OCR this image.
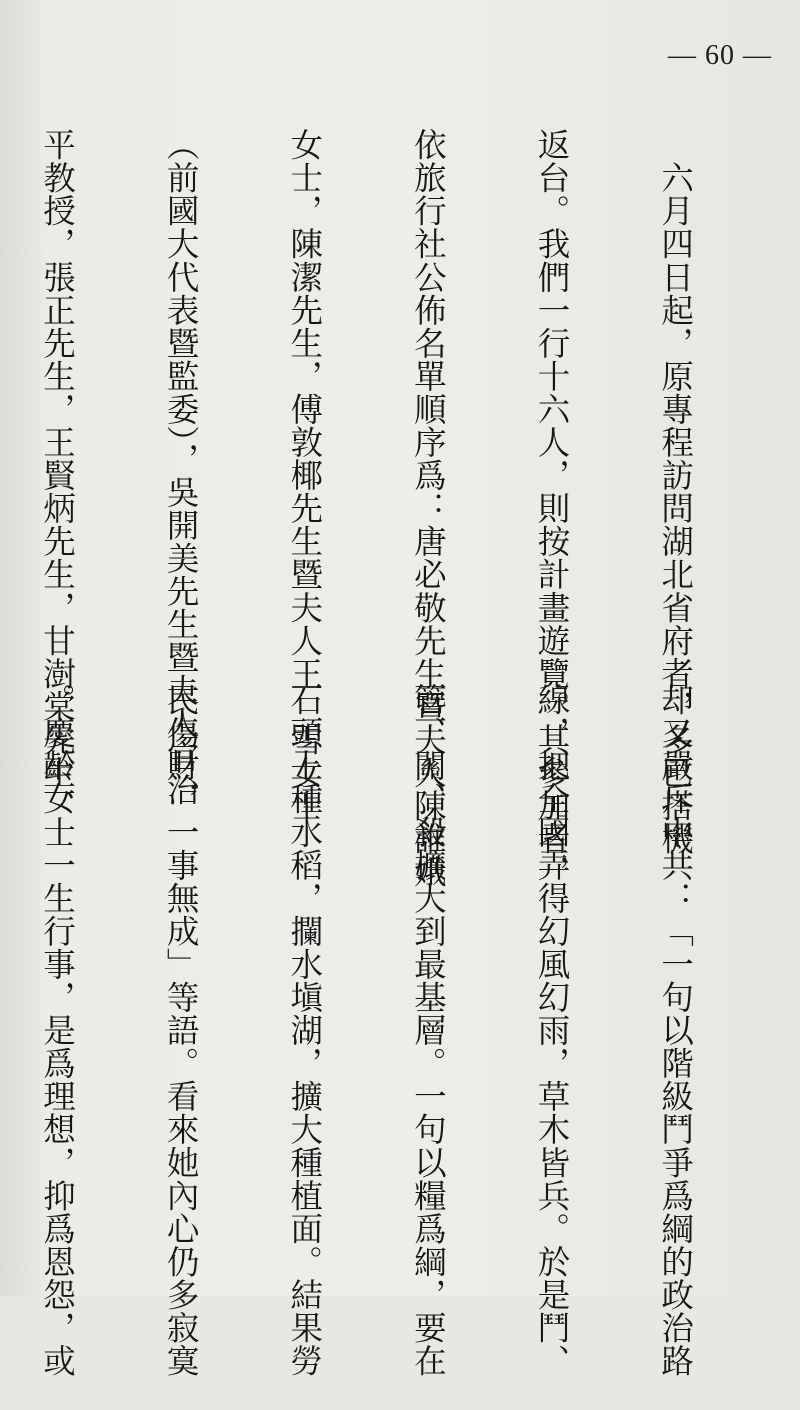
— 60 —

　六月四日起，原專程訪問湖北省府者，多已搭機

返台。我們一行十六人，則按計畫遊覽。其參加者，

依旅行社公佈名單順序爲：唐必敬先生暨夫人陳誰娥

女士，陳潔先生，傅敦椰先生暨夫人王　雪女士

（前國大代表暨監委），吳開美先生暨夫人官治

平教授，張正先生，王賢炳先生，甘澍棠先生、

却又嚴斥中共：「一句以階級鬥爭爲綱的政治路

線，把全國弄得幻風幻雨，草木皆兵。於是鬥、

管、關、殺擴大到最基層。一句以糧爲綱，要在

石頭上種水稻，攔水塡湖，擴大種植面。結果勞

民傷財，一事無成」等語。看來她內心仍多寂寞

。慶齡女士一生行事，是爲理想，抑爲恩怨，或
